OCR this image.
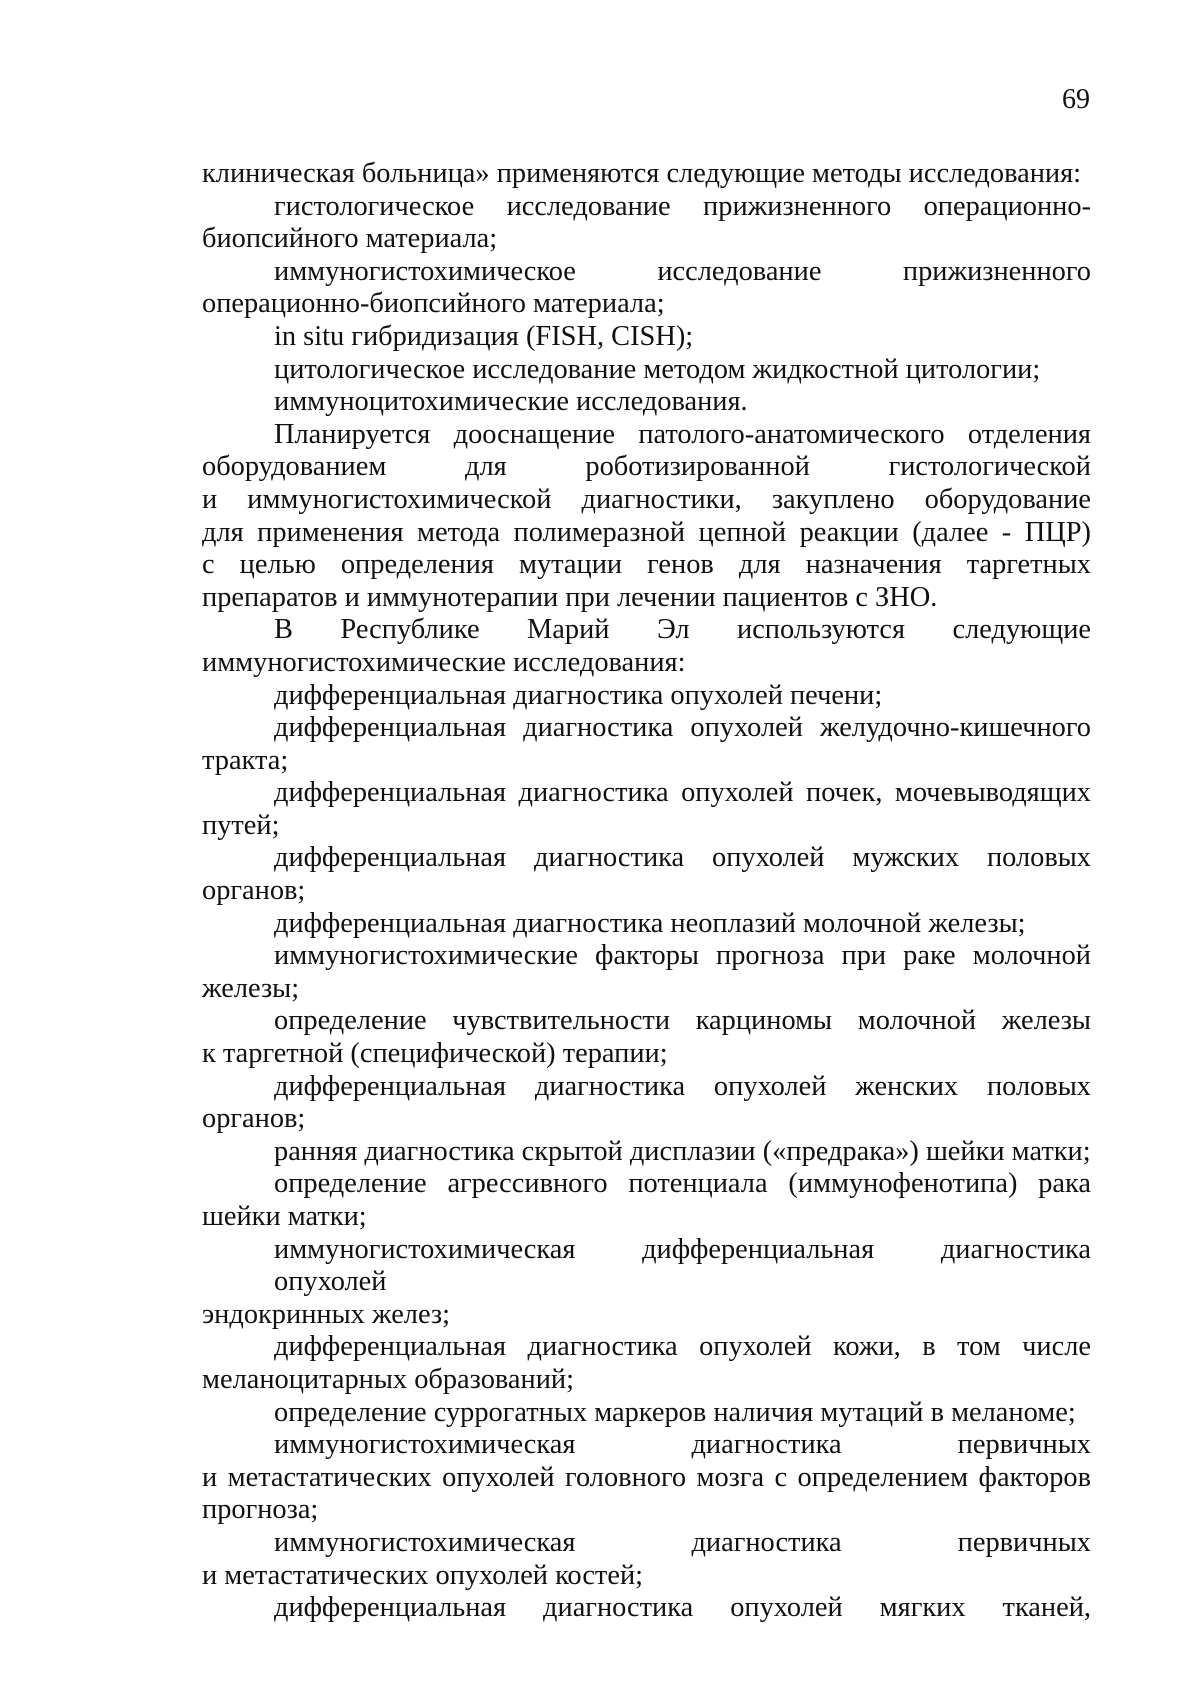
69
клиническая больница» применяются следующие методы исследования:
гистологическое исследование прижизненного операционно-
биопсийного материала;
иммуногистохимическое исследование прижизненного
операционно-биопсийного материала;
in situ гибридизация (FISH, CISH);
цитологическое исследование методом жидкостной цитологии;
иммуноцитохимические исследования.
Планируется дооснащение патолого-анатомического отделения
оборудованием для роботизированной гистологической
и иммуногистохимической диагностики, закуплено оборудование
для применения метода полимеразной цепной реакции (далее - ПЦР)
с целью определения мутации генов для назначения таргетных
препаратов и иммунотерапии при лечении пациентов с ЗНО.
В Республике Марий Эл используются следующие
иммуногистохимические исследования:
дифференциальная диагностика опухолей печени;
дифференциальная диагностика опухолей желудочно-кишечного
тракта;
дифференциальная диагностика опухолей почек, мочевыводящих
путей;
дифференциальная диагностика опухолей мужских половых
органов;
дифференциальная диагностика неоплазий молочной железы;
иммуногистохимические факторы прогноза при раке молочной
железы;
определение чувствительности карциномы молочной железы
к таргетной (специфической) терапии;
дифференциальная диагностика опухолей женских половых
органов;
ранняя диагностика скрытой дисплазии («предрака») шейки матки;
определение агрессивного потенциала (иммунофенотипа) рака
шейки матки;
иммуногистохимическая дифференциальная диагностика опухолей
эндокринных желез;
дифференциальная диагностика опухолей кожи, в том числе
меланоцитарных образований;
определение суррогатных маркеров наличия мутаций в меланоме;
иммуногистохимическая диагностика первичных
и метастатических опухолей головного мозга с определением факторов
прогноза;
иммуногистохимическая диагностика первичных
и метастатических опухолей костей;
дифференциальная диагностика опухолей мягких тканей,
